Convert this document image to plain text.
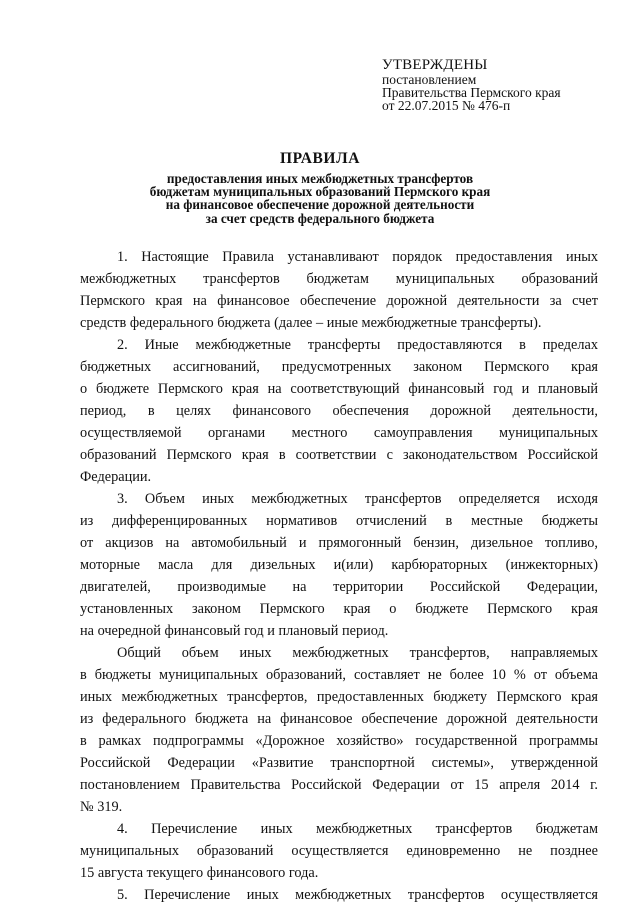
УТВЕРЖДЕНЫ
постановлением
Правительства Пермского края
от 22.07.2015 № 476-п
ПРАВИЛА
предоставления иных межбюджетных трансфертов
бюджетам муниципальных образований Пермского края
на финансовое обеспечение дорожной деятельности
за счет средств федерального бюджета
1. Настоящие Правила устанавливают порядок предоставления иных
межбюджетных трансфертов бюджетам муниципальных образований
Пермского края на финансовое обеспечение дорожной деятельности за счет
средств федерального бюджета (далее – иные межбюджетные трансферты).
2. Иные межбюджетные трансферты предоставляются в пределах
бюджетных ассигнований, предусмотренных законом Пермского края
о бюджете Пермского края на соответствующий финансовый год и плановый
период, в целях финансового обеспечения дорожной деятельности,
осуществляемой органами местного самоуправления муниципальных
образований Пермского края в соответствии с законодательством Российской
Федерации.
3. Объем иных межбюджетных трансфертов определяется исходя
из дифференцированных нормативов отчислений в местные бюджеты
от акцизов на автомобильный и прямогонный бензин, дизельное топливо,
моторные масла для дизельных и(или) карбюраторных (инжекторных)
двигателей, производимые на территории Российской Федерации,
установленных законом Пермского края о бюджете Пермского края
на очередной финансовый год и плановый период.
Общий объем иных межбюджетных трансфертов, направляемых
в бюджеты муниципальных образований, составляет не более 10 % от объема
иных межбюджетных трансфертов, предоставленных бюджету Пермского края
из федерального бюджета на финансовое обеспечение дорожной деятельности
в рамках подпрограммы «Дорожное хозяйство» государственной программы
Российской Федерации «Развитие транспортной системы», утвержденной
постановлением Правительства Российской Федерации от 15 апреля 2014 г.
№ 319.
4. Перечисление иных межбюджетных трансфертов бюджетам
муниципальных образований осуществляется единовременно не позднее
15 августа текущего финансового года.
5. Перечисление иных межбюджетных трансфертов осуществляется
